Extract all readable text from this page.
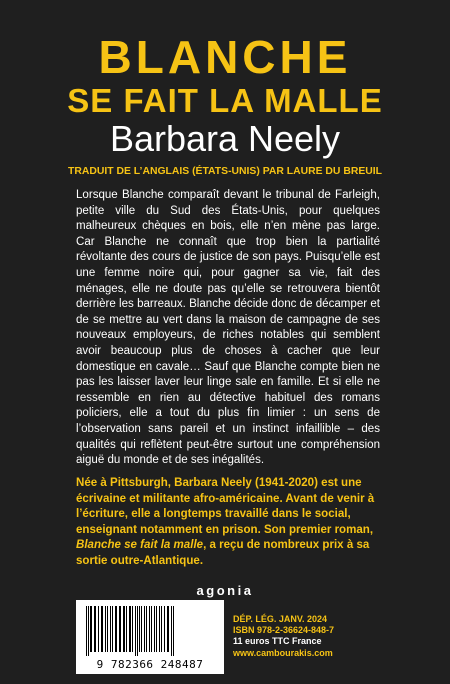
BLANCHE
SE FAIT LA MALLE
Barbara Neely
TRADUIT DE L’ANGLAIS (ÉTATS-UNIS) PAR LAURE DU BREUIL

Lorsque Blanche comparaît devant le tribunal de Farleigh, petite ville du Sud des États-Unis, pour quelques malheureux chèques en bois, elle n’en mène pas large. Car Blanche ne connaît que trop bien la partialité révoltante des cours de justice de son pays. Puisqu’elle est une femme noire qui, pour gagner sa vie, fait des ménages, elle ne doute pas qu’elle se retrouvera bientôt derrière les barreaux. Blanche décide donc de décamper et de se mettre au vert dans la maison de campagne de ses nouveaux employeurs, de riches notables qui semblent avoir beaucoup plus de choses à cacher que leur domestique en cavale… Sauf que Blanche compte bien ne pas les laisser laver leur linge sale en famille. Et si elle ne ressemble en rien au détective habituel des romans policiers, elle a tout du plus fin limier : un sens de l’observation sans pareil et un instinct infaillible – des qualités qui reflètent peut-être surtout une compréhension aiguë du monde et de ses inégalités.

Née à Pittsburgh, Barbara Neely (1941-2020) est une écrivaine et militante afro-américaine. Avant de venir à l’écriture, elle a longtemps travaillé dans le social, enseignant notamment en prison. Son premier roman, Blanche se fait la malle, a reçu de nombreux prix à sa sortie outre-Atlantique.

agonia
9 782366 248487
DÉP. LÉG. JANV. 2024
ISBN 978-2-36624-848-7
11 euros TTC France
www.cambourakis.com
